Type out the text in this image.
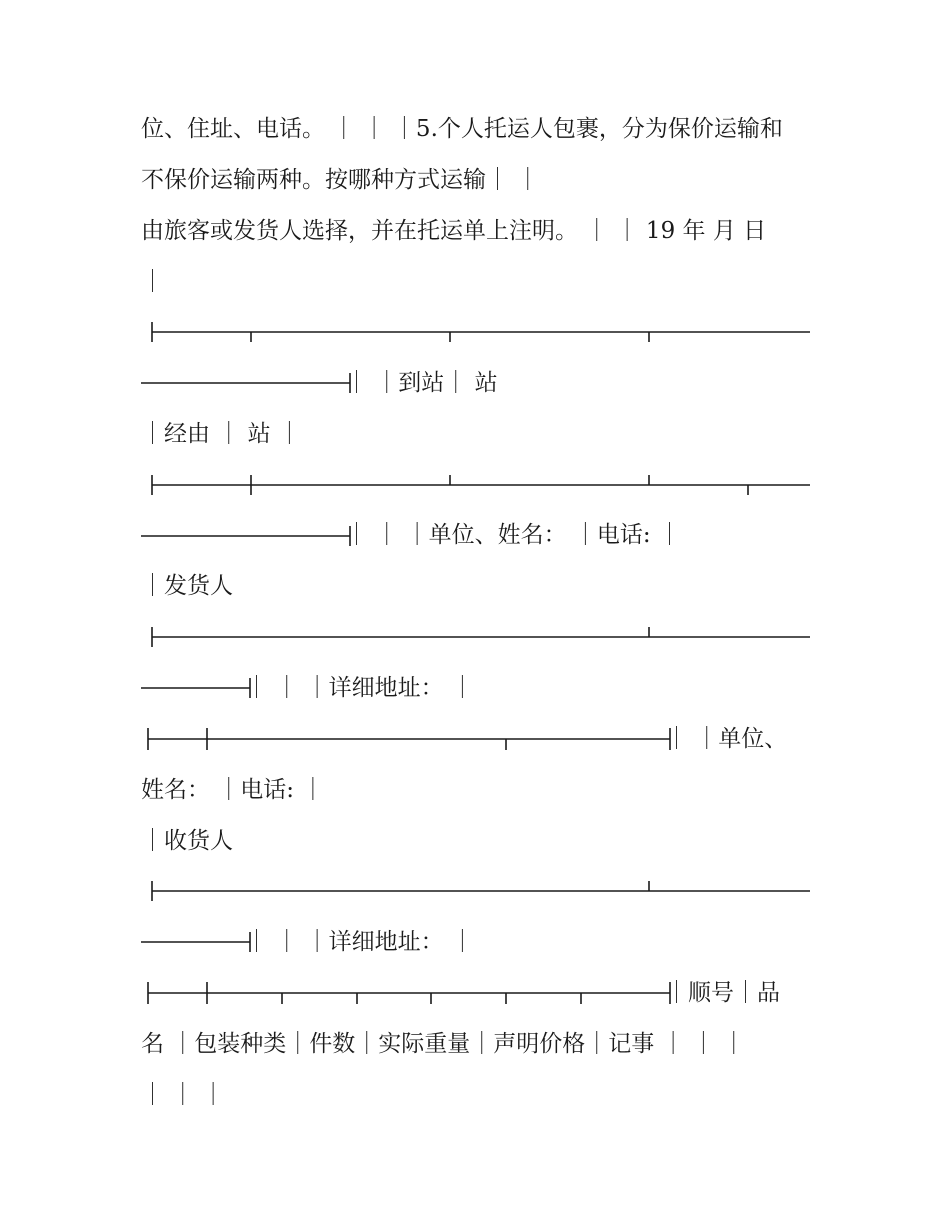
位、住址、电话。 ｜ ｜ ｜5.个人托运人包裹，分为保价运输和
不保价运输两种。按哪种方式运输｜ ｜
由旅客或发货人选择，并在托运单上注明。 ｜ ｜ 19 年 月 日
｜
｜ ｜到站｜ 站
｜经由 ｜ 站 ｜
｜ ｜ ｜单位、姓名： ｜电话: ｜
｜发货人
｜ ｜ ｜详细地址： ｜
｜ ｜单位、
姓名： ｜电话: ｜
｜收货人
｜ ｜ ｜详细地址： ｜
｜顺号｜品
名 ｜包装种类｜件数｜实际重量｜声明价格｜记事 ｜ ｜ ｜
｜ ｜ ｜
